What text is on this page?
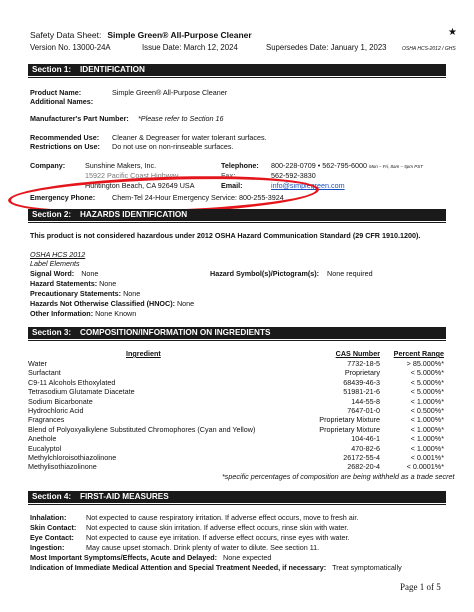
Safety Data Sheet: Simple Green® All-Purpose Cleaner	★
Version No. 13000-24A	Issue Date: March 12, 2024	Supersedes Date: January 1, 2023	OSHA HCS-2012 / GHS
Section 1: IDENTIFICATION
Product Name:	Simple Green® All-Purpose Cleaner
Additional Names:
Manufacturer's Part Number: *Please refer to Section 16
Recommended Use: Cleaner & Degreaser for water tolerant surfaces.
Restrictions on Use: Do not use on non-rinseable surfaces.
Company:	Sunshine Makers, Inc.
15922 Pacific Coast Highway
Huntington Beach, CA 92649 USA
Telephone: 800-228-0709 • 562-795-6000 Mon – Fri, 8am – 5pm PST
Fax:	562-592-3830
Email:	info@simplegreen.com
Emergency Phone: Chem-Tel 24-Hour Emergency Service: 800-255-3924
Section 2: HAZARDS IDENTIFICATION
This product is not considered hazardous under 2012 OSHA Hazard Communication Standard (29 CFR 1910.1200).
OSHA HCS 2012
Label Elements
Signal Word: None	Hazard Symbol(s)/Pictogram(s): None required
Hazard Statements: None
Precautionary Statements: None
Hazards Not Otherwise Classified (HNOC): None
Other Information: None Known
Section 3: COMPOSITION/INFORMATION ON INGREDIENTS
Ingredient	CAS Number	Percent Range
Water	7732-18-5	> 85.000%*
Surfactant	Proprietary	< 5.000%*
C9-11 Alcohols Ethoxylated	68439-46-3	< 5.000%*
Tetrasodium Glutamate Diacetate	51981-21-6	< 5.000%*
Sodium Bicarbonate	144-55-8	< 1.000%*
Hydrochloric Acid	7647-01-0	< 0.500%*
Fragrances	Proprietary Mixture	< 1.000%*
Blend of Polyoxyalkylene Substituted Chromophores (Cyan and Yellow)	Proprietary Mixture	< 1.000%*
Anethole	104-46-1	< 1.000%*
Eucalyptol	470-82-6	< 1.000%*
Methylchloroisothiazolinone	26172-55-4	< 0.001%*
Methylisothiazolinone	2682-20-4	< 0.0001%*
*specific percentages of composition are being withheld as a trade secret
Section 4: FIRST-AID MEASURES
Inhalation:	Not expected to cause respiratory irritation. If adverse effect occurs, move to fresh air.
Skin Contact: Not expected to cause skin irritation. If adverse effect occurs, rinse skin with water.
Eye Contact: Not expected to cause eye irritation. If adverse effect occurs, rinse eyes with water.
Ingestion:	May cause upset stomach. Drink plenty of water to dilute. See section 11.
Most Important Symptoms/Effects, Acute and Delayed: None expected
Indication of Immediate Medical Attention and Special Treatment Needed, if necessary: Treat symptomatically
Page 1 of 5
